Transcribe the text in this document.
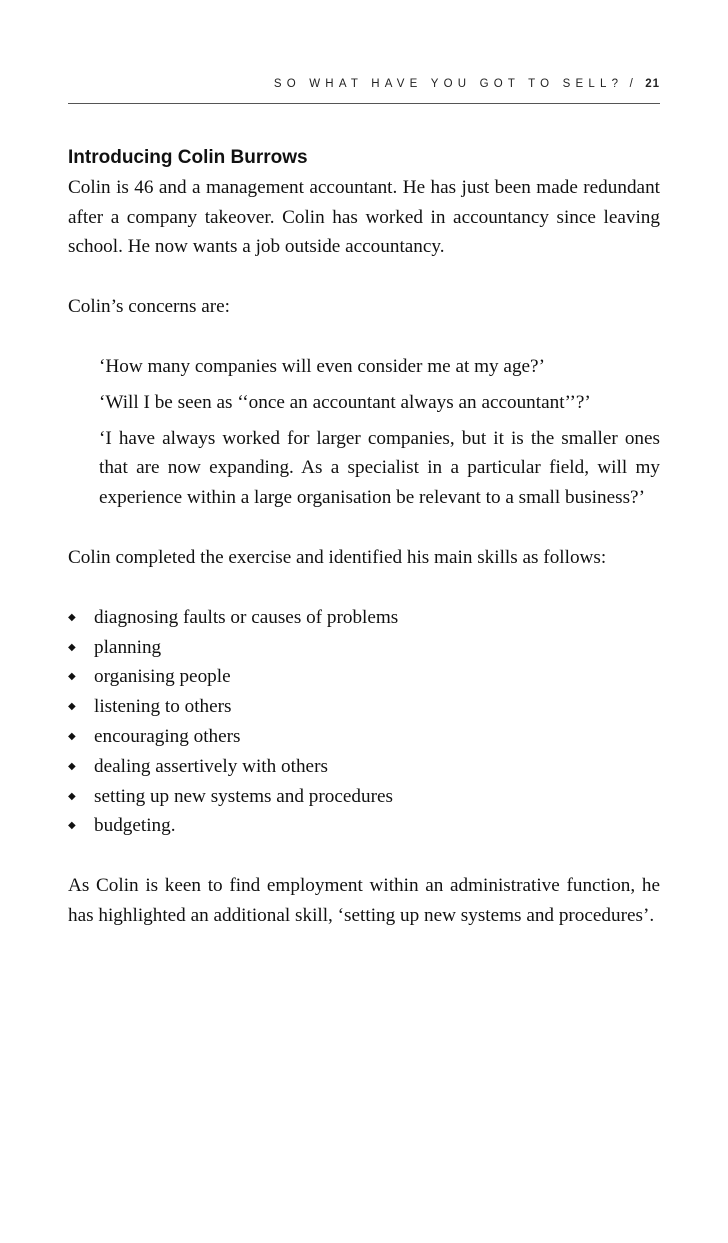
SO WHAT HAVE YOU GOT TO SELL? / 21
Introducing Colin Burrows

Colin is 46 and a management accountant. He has just been made redundant after a company takeover. Colin has worked in accountancy since leaving school. He now wants a job outside accountancy.

Colin’s concerns are:

‘How many companies will even consider me at my age?’

‘Will I be seen as ‘‘once an accountant always an accountant’’?’

‘I have always worked for larger companies, but it is the smaller ones that are now expanding. As a specialist in a particular field, will my experience within a large organisation be relevant to a small business?’

Colin completed the exercise and identified his main skills as follows:

◆ diagnosing faults or causes of problems
◆ planning
◆ organising people
◆ listening to others
◆ encouraging others
◆ dealing assertively with others
◆ setting up new systems and procedures
◆ budgeting.

As Colin is keen to find employment within an administrative function, he has highlighted an additional skill, ‘setting up new systems and procedures’.
